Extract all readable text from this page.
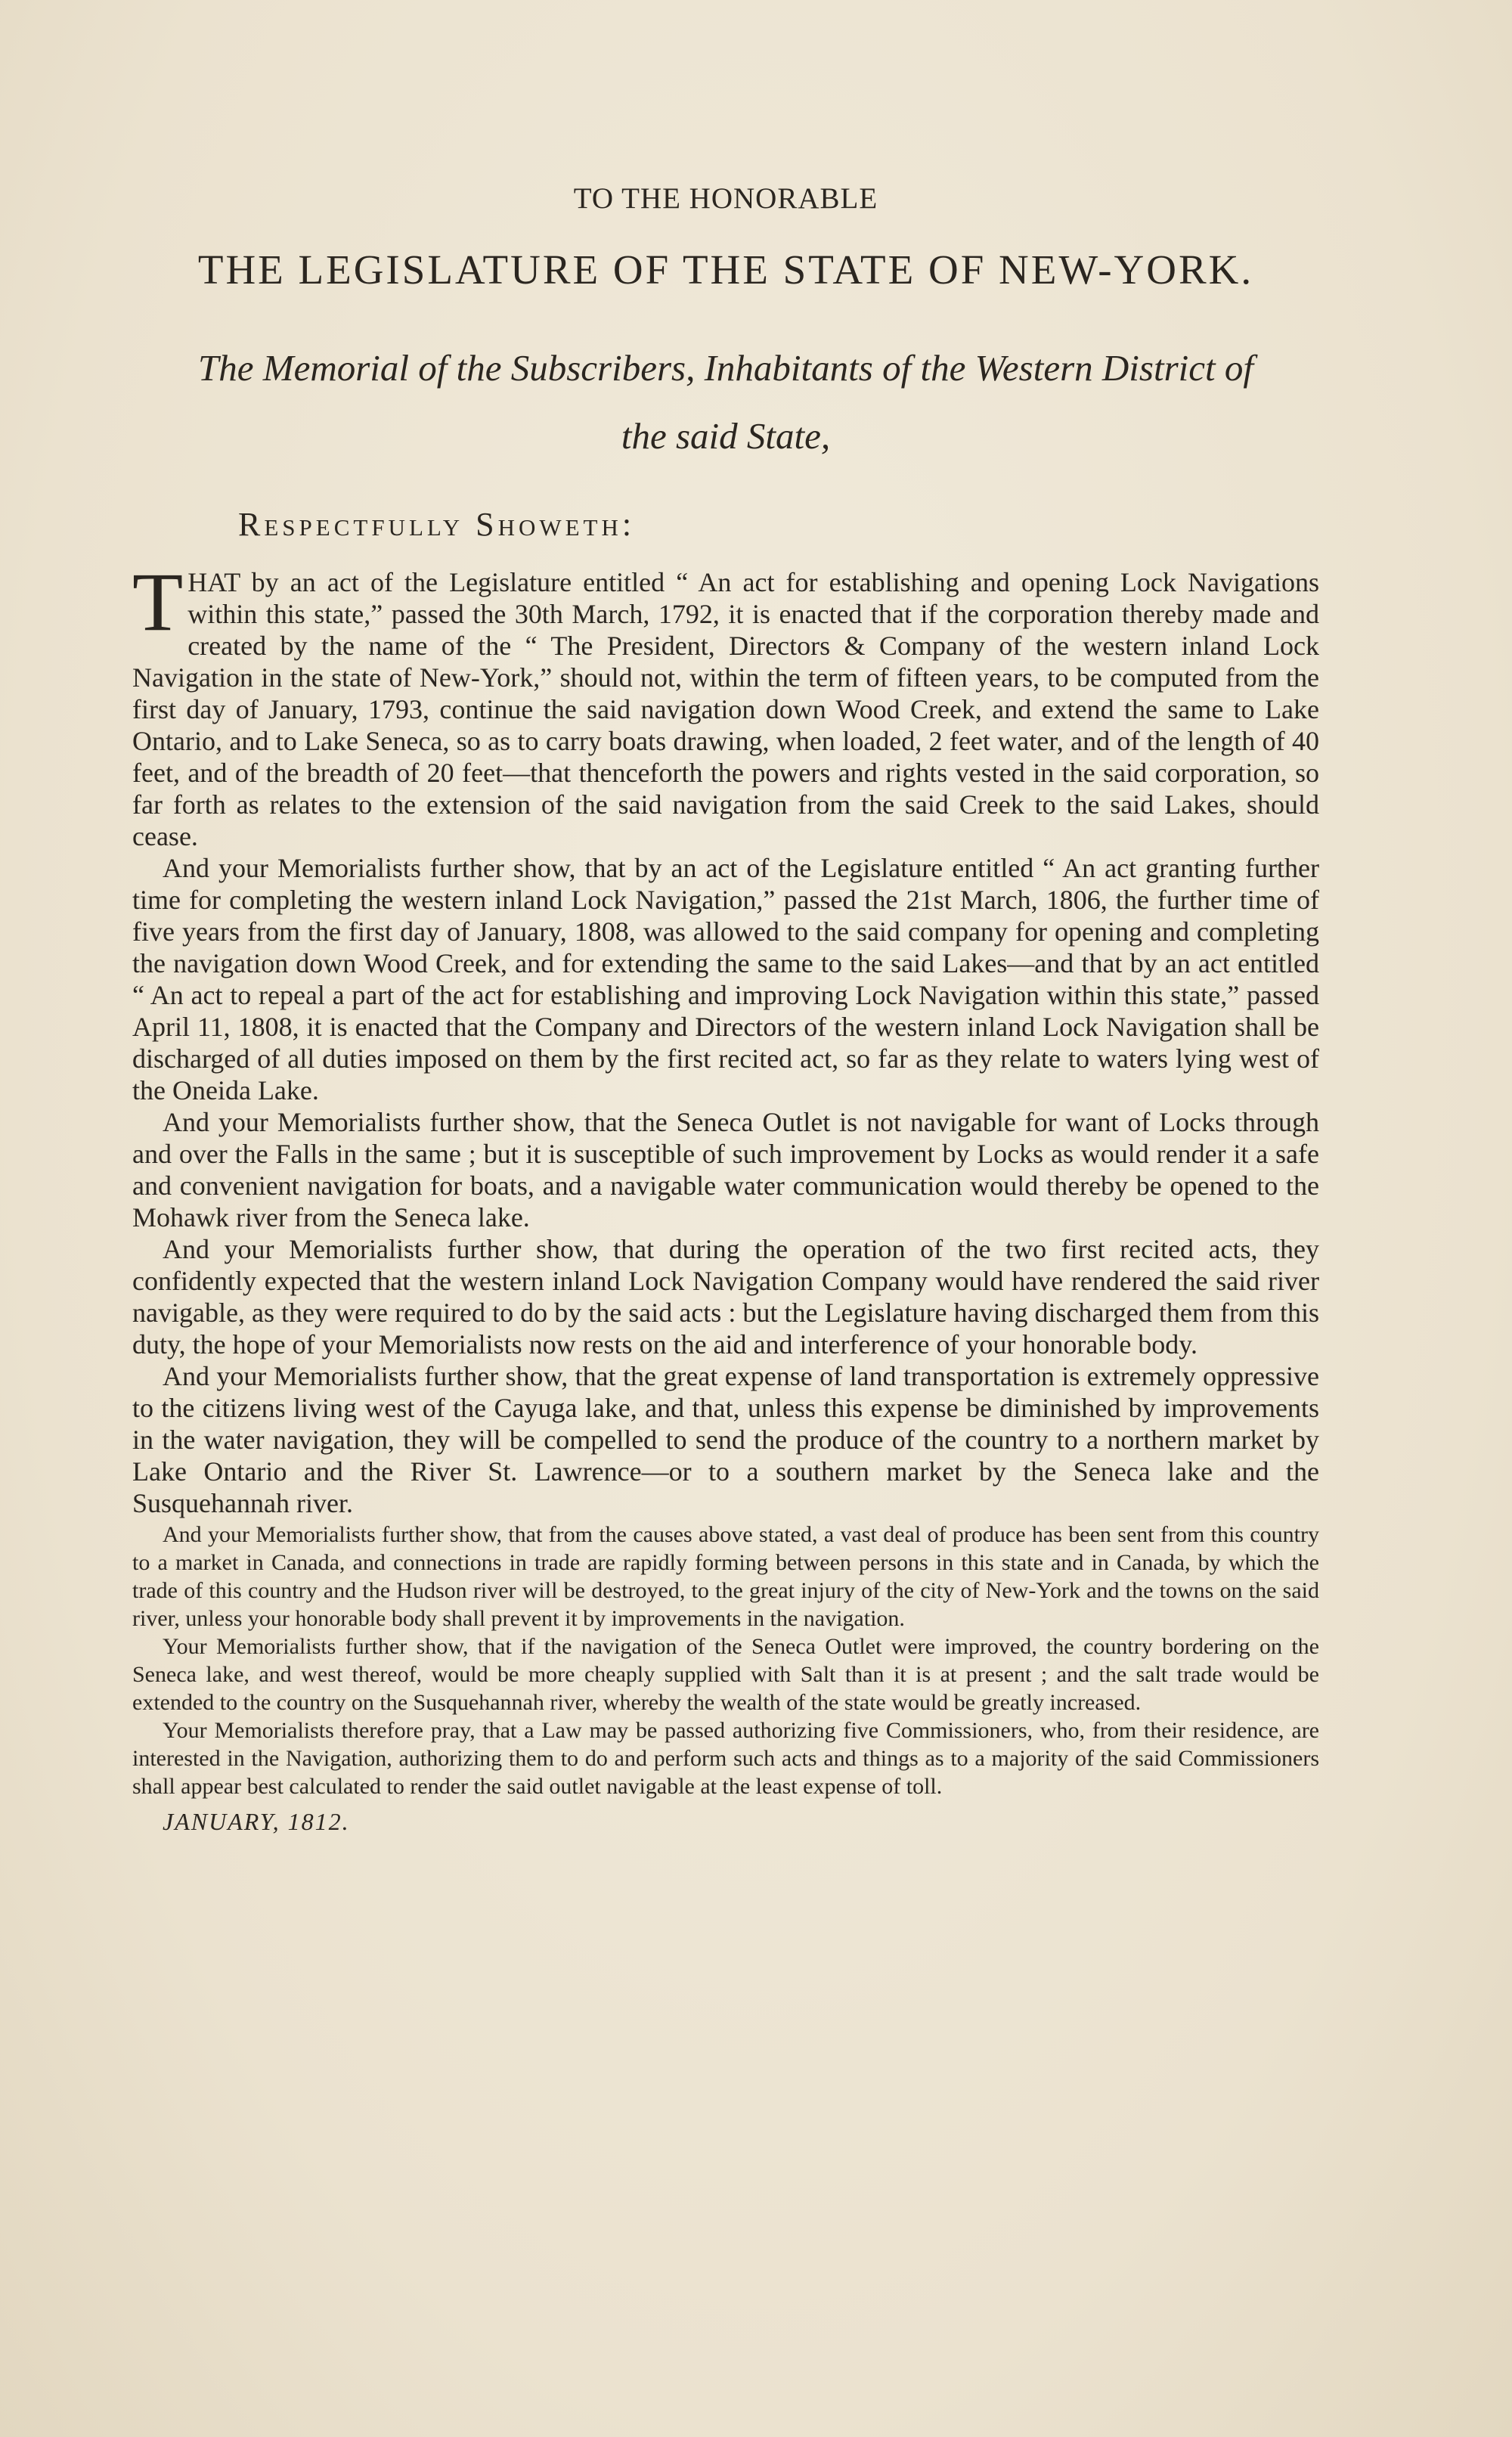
TO THE HONORABLE
THE LEGISLATURE OF THE STATE OF NEW-YORK.
The Memorial of the Subscribers, Inhabitants of the Western District of the said State,
Respectfully Showeth:

THAT by an act of the Legislature entitled “ An act for establishing and opening Lock Navigations within this state,” passed the 30th March, 1792, it is enacted that if the corporation thereby made and created by the name of the “ The President, Directors & Company of the western inland Lock Navigation in the state of New-York,” should not, within the term of fifteen years, to be computed from the first day of January, 1793, continue the said navigation down Wood Creek, and extend the same to Lake Ontario, and to Lake Seneca, so as to carry boats drawing, when loaded, 2 feet water, and of the length of 40 feet, and of the breadth of 20 feet—that thenceforth the powers and rights vested in the said corporation, so far forth as relates to the extension of the said navigation from the said Creek to the said Lakes, should cease.

And your Memorialists further show, that by an act of the Legislature entitled “ An act granting further time for completing the western inland Lock Navigation,” passed the 21st March, 1806, the further time of five years from the first day of January, 1808, was allowed to the said company for opening and completing the navigation down Wood Creek, and for extending the same to the said Lakes—and that by an act entitled “ An act to repeal a part of the act for establishing and improving Lock Navigation within this state,” passed April 11, 1808, it is enacted that the Company and Directors of the western inland Lock Navigation shall be discharged of all duties imposed on them by the first recited act, so far as they relate to waters lying west of the Oneida Lake.

And your Memorialists further show, that the Seneca Outlet is not navigable for want of Locks through and over the Falls in the same ; but it is susceptible of such improvement by Locks as would render it a safe and convenient navigation for boats, and a navigable water communication would thereby be opened to the Mohawk river from the Seneca lake.

And your Memorialists further show, that during the operation of the two first recited acts, they confidently expected that the western inland Lock Navigation Company would have rendered the said river navigable, as they were required to do by the said acts : but the Legislature having discharged them from this duty, the hope of your Memorialists now rests on the aid and interference of your honorable body.

And your Memorialists further show, that the great expense of land transportation is extremely oppressive to the citizens living west of the Cayuga lake, and that, unless this expense be diminished by improvements in the water navigation, they will be compelled to send the produce of the country to a northern market by Lake Ontario and the River St. Lawrence—or to a southern market by the Seneca lake and the Susquehannah river.

And your Memorialists further show, that from the causes above stated, a vast deal of produce has been sent from this country to a market in Canada, and connections in trade are rapidly forming between persons in this state and in Canada, by which the trade of this country and the Hudson river will be destroyed, to the great injury of the city of New-York and the towns on the said river, unless your honorable body shall prevent it by improvements in the navigation.

Your Memorialists further show, that if the navigation of the Seneca Outlet were improved, the country bordering on the Seneca lake, and west thereof, would be more cheaply supplied with Salt than it is at present ; and the salt trade would be extended to the country on the Susquehannah river, whereby the wealth of the state would be greatly increased.

Your Memorialists therefore pray, that a Law may be passed authorizing five Commissioners, who, from their residence, are interested in the Navigation, authorizing them to do and perform such acts and things as to a majority of the said Commissioners shall appear best calculated to render the said outlet navigable at the least expense of toll.

JANUARY, 1812.
